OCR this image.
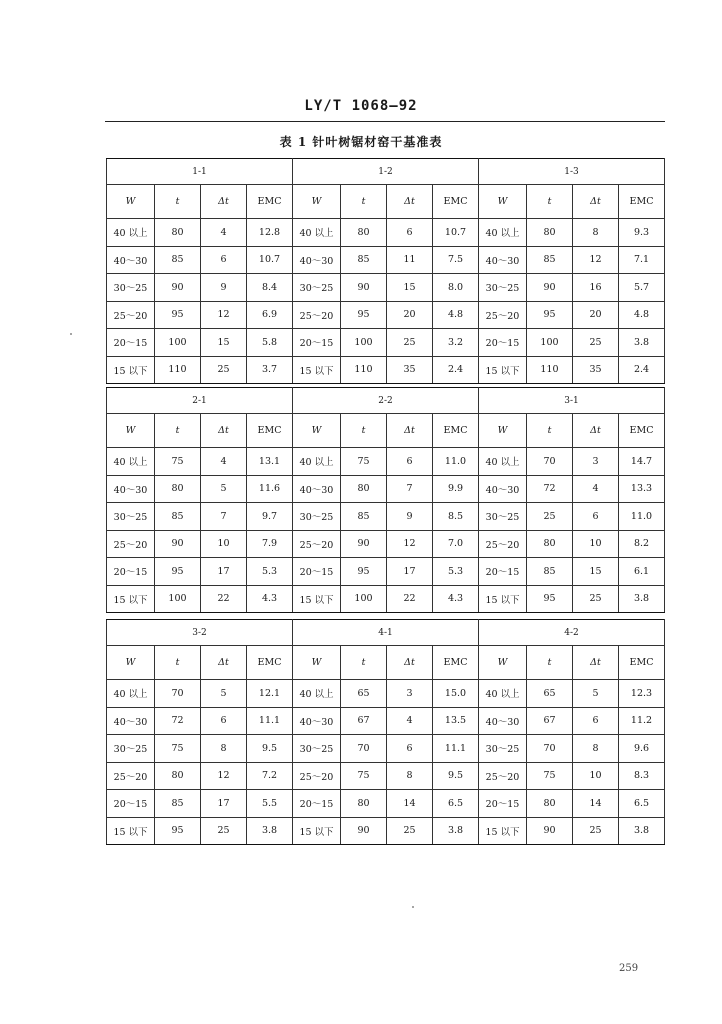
LY/T 1068—92
表 1 针叶树锯材窑干基准表
1-1				1-2				1-3			
W	t	Δt	EMC	W	t	Δt	EMC	W	t	Δt	EMC
40 以上	80	4	12.8	40 以上	80	6	10.7	40 以上	80	8	9.3
40～30	85	6	10.7	40～30	85	11	7.5	40～30	85	12	7.1
30～25	90	9	8.4	30～25	90	15	8.0	30～25	90	16	5.7
25～20	95	12	6.9	25～20	95	20	4.8	25～20	95	20	4.8
20～15	100	15	5.8	20～15	100	25	3.2	20～15	100	25	3.8
15 以下	110	25	3.7	15 以下	110	35	2.4	15 以下	110	35	2.4
2-1				2-2				3-1			
W	t	Δt	EMC	W	t	Δt	EMC	W	t	Δt	EMC
40 以上	75	4	13.1	40 以上	75	6	11.0	40 以上	70	3	14.7
40～30	80	5	11.6	40～30	80	7	9.9	40～30	72	4	13.3
30～25	85	7	9.7	30～25	85	9	8.5	30～25	25	6	11.0
25～20	90	10	7.9	25～20	90	12	7.0	25～20	80	10	8.2
20～15	95	17	5.3	20～15	95	17	5.3	20～15	85	15	6.1
15 以下	100	22	4.3	15 以下	100	22	4.3	15 以下	95	25	3.8
3-2				4-1				4-2			
W	t	Δt	EMC	W	t	Δt	EMC	W	t	Δt	EMC
40 以上	70	5	12.1	40 以上	65	3	15.0	40 以上	65	5	12.3
40～30	72	6	11.1	40～30	67	4	13.5	40～30	67	6	11.2
30～25	75	8	9.5	30～25	70	6	11.1	30～25	70	8	9.6
25～20	80	12	7.2	25～20	75	8	9.5	25～20	75	10	8.3
20～15	85	17	5.5	20～15	80	14	6.5	20～15	80	14	6.5
15 以下	95	25	3.8	15 以下	90	25	3.8	15 以下	90	25	3.8
259
